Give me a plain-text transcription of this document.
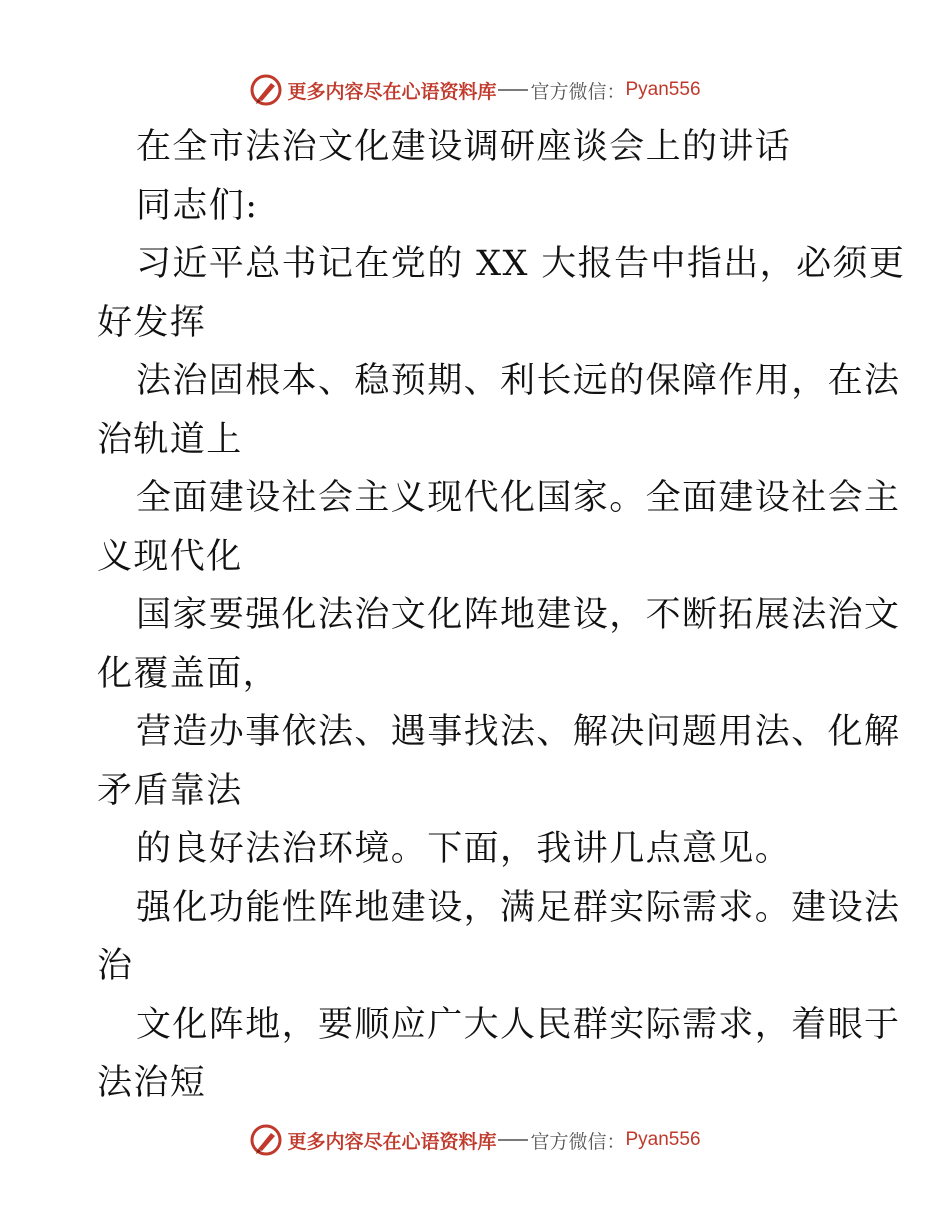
更多内容尽在心语资料库 官方微信： Pyan556
在全市法治文化建设调研座谈会上的讲话
同志们:
习近平总书记在党的 XX 大报告中指出，必须更
好发挥
法治固根本、稳预期、利长远的保障作用，在法
治轨道上
全面建设社会主义现代化国家。全面建设社会主
义现代化
国家要强化法治文化阵地建设，不断拓展法治文
化覆盖面，
营造办事依法、遇事找法、解决问题用法、化解
矛盾靠法
的良好法治环境。下面，我讲几点意见。
强化功能性阵地建设，满足群实际需求。建设法
治
文化阵地，要顺应广大人民群实际需求，着眼于
法治短
更多内容尽在心语资料库 官方微信： Pyan556
